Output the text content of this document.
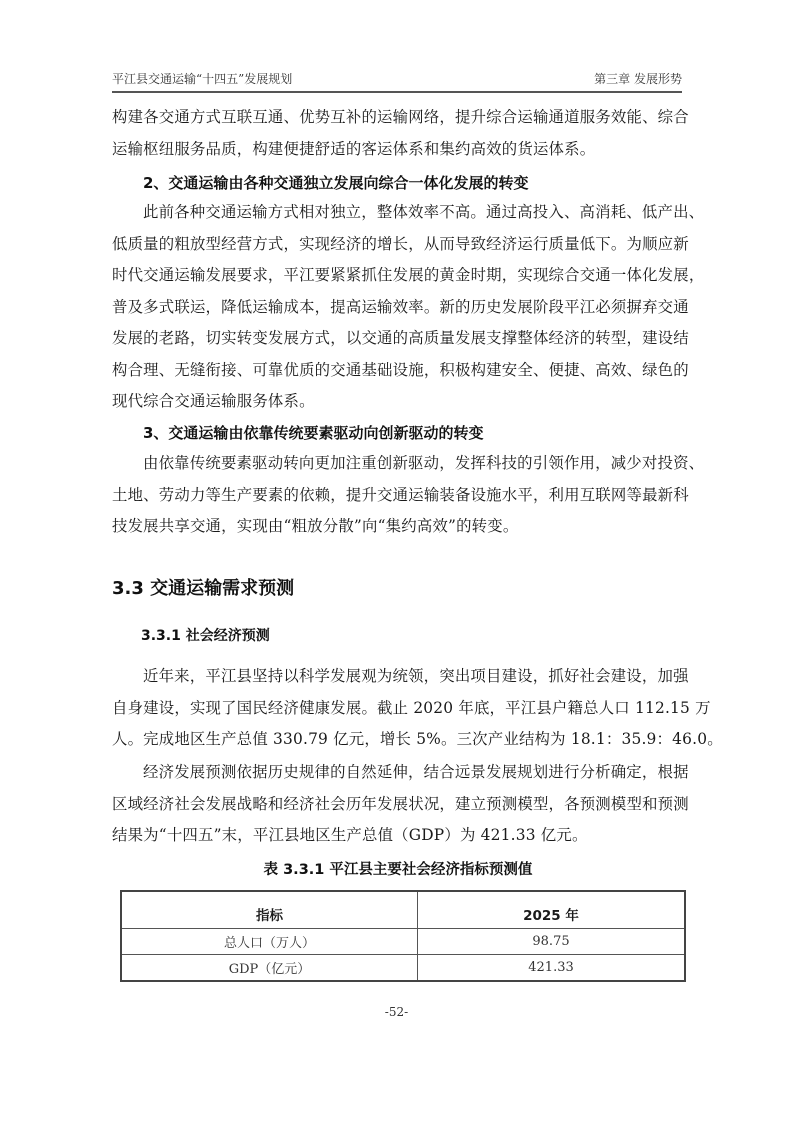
平江县交通运输“十四五”发展规划	第三章 发展形势
构建各交通方式互联互通、优势互补的运输网络，提升综合运输通道服务效能、综合
运输枢纽服务品质，构建便捷舒适的客运体系和集约高效的货运体系。
2、交通运输由各种交通独立发展向综合一体化发展的转变
此前各种交通运输方式相对独立，整体效率不高。通过高投入、高消耗、低产出、
低质量的粗放型经营方式，实现经济的增长，从而导致经济运行质量低下。为顺应新
时代交通运输发展要求，平江要紧紧抓住发展的黄金时期，实现综合交通一体化发展，
普及多式联运，降低运输成本，提高运输效率。新的历史发展阶段平江必须摒弃交通
发展的老路，切实转变发展方式，以交通的高质量发展支撑整体经济的转型，建设结
构合理、无缝衔接、可靠优质的交通基础设施，积极构建安全、便捷、高效、绿色的
现代综合交通运输服务体系。
3、交通运输由依靠传统要素驱动向创新驱动的转变
由依靠传统要素驱动转向更加注重创新驱动，发挥科技的引领作用，减少对投资、
土地、劳动力等生产要素的依赖，提升交通运输装备设施水平，利用互联网等最新科
技发展共享交通，实现由“粗放分散”向“集约高效”的转变。
3.3 交通运输需求预测
3.3.1 社会经济预测
近年来，平江县坚持以科学发展观为统领，突出项目建设，抓好社会建设，加强
自身建设，实现了国民经济健康发展。截止 2020 年底，平江县户籍总人口 112.15 万
人。完成地区生产总值 330.79 亿元，增长 5%。三次产业结构为 18.1：35.9：46.0。
经济发展预测依据历史规律的自然延伸，结合远景发展规划进行分析确定，根据
区域经济社会发展战略和经济社会历年发展状况，建立预测模型，各预测模型和预测
结果为“十四五”末，平江县地区生产总值（GDP）为 421.33 亿元。
表 3.3.1 平江县主要社会经济指标预测值
指标	2025 年
总人口（万人）	98.75
GDP（亿元）	421.33
-52-
